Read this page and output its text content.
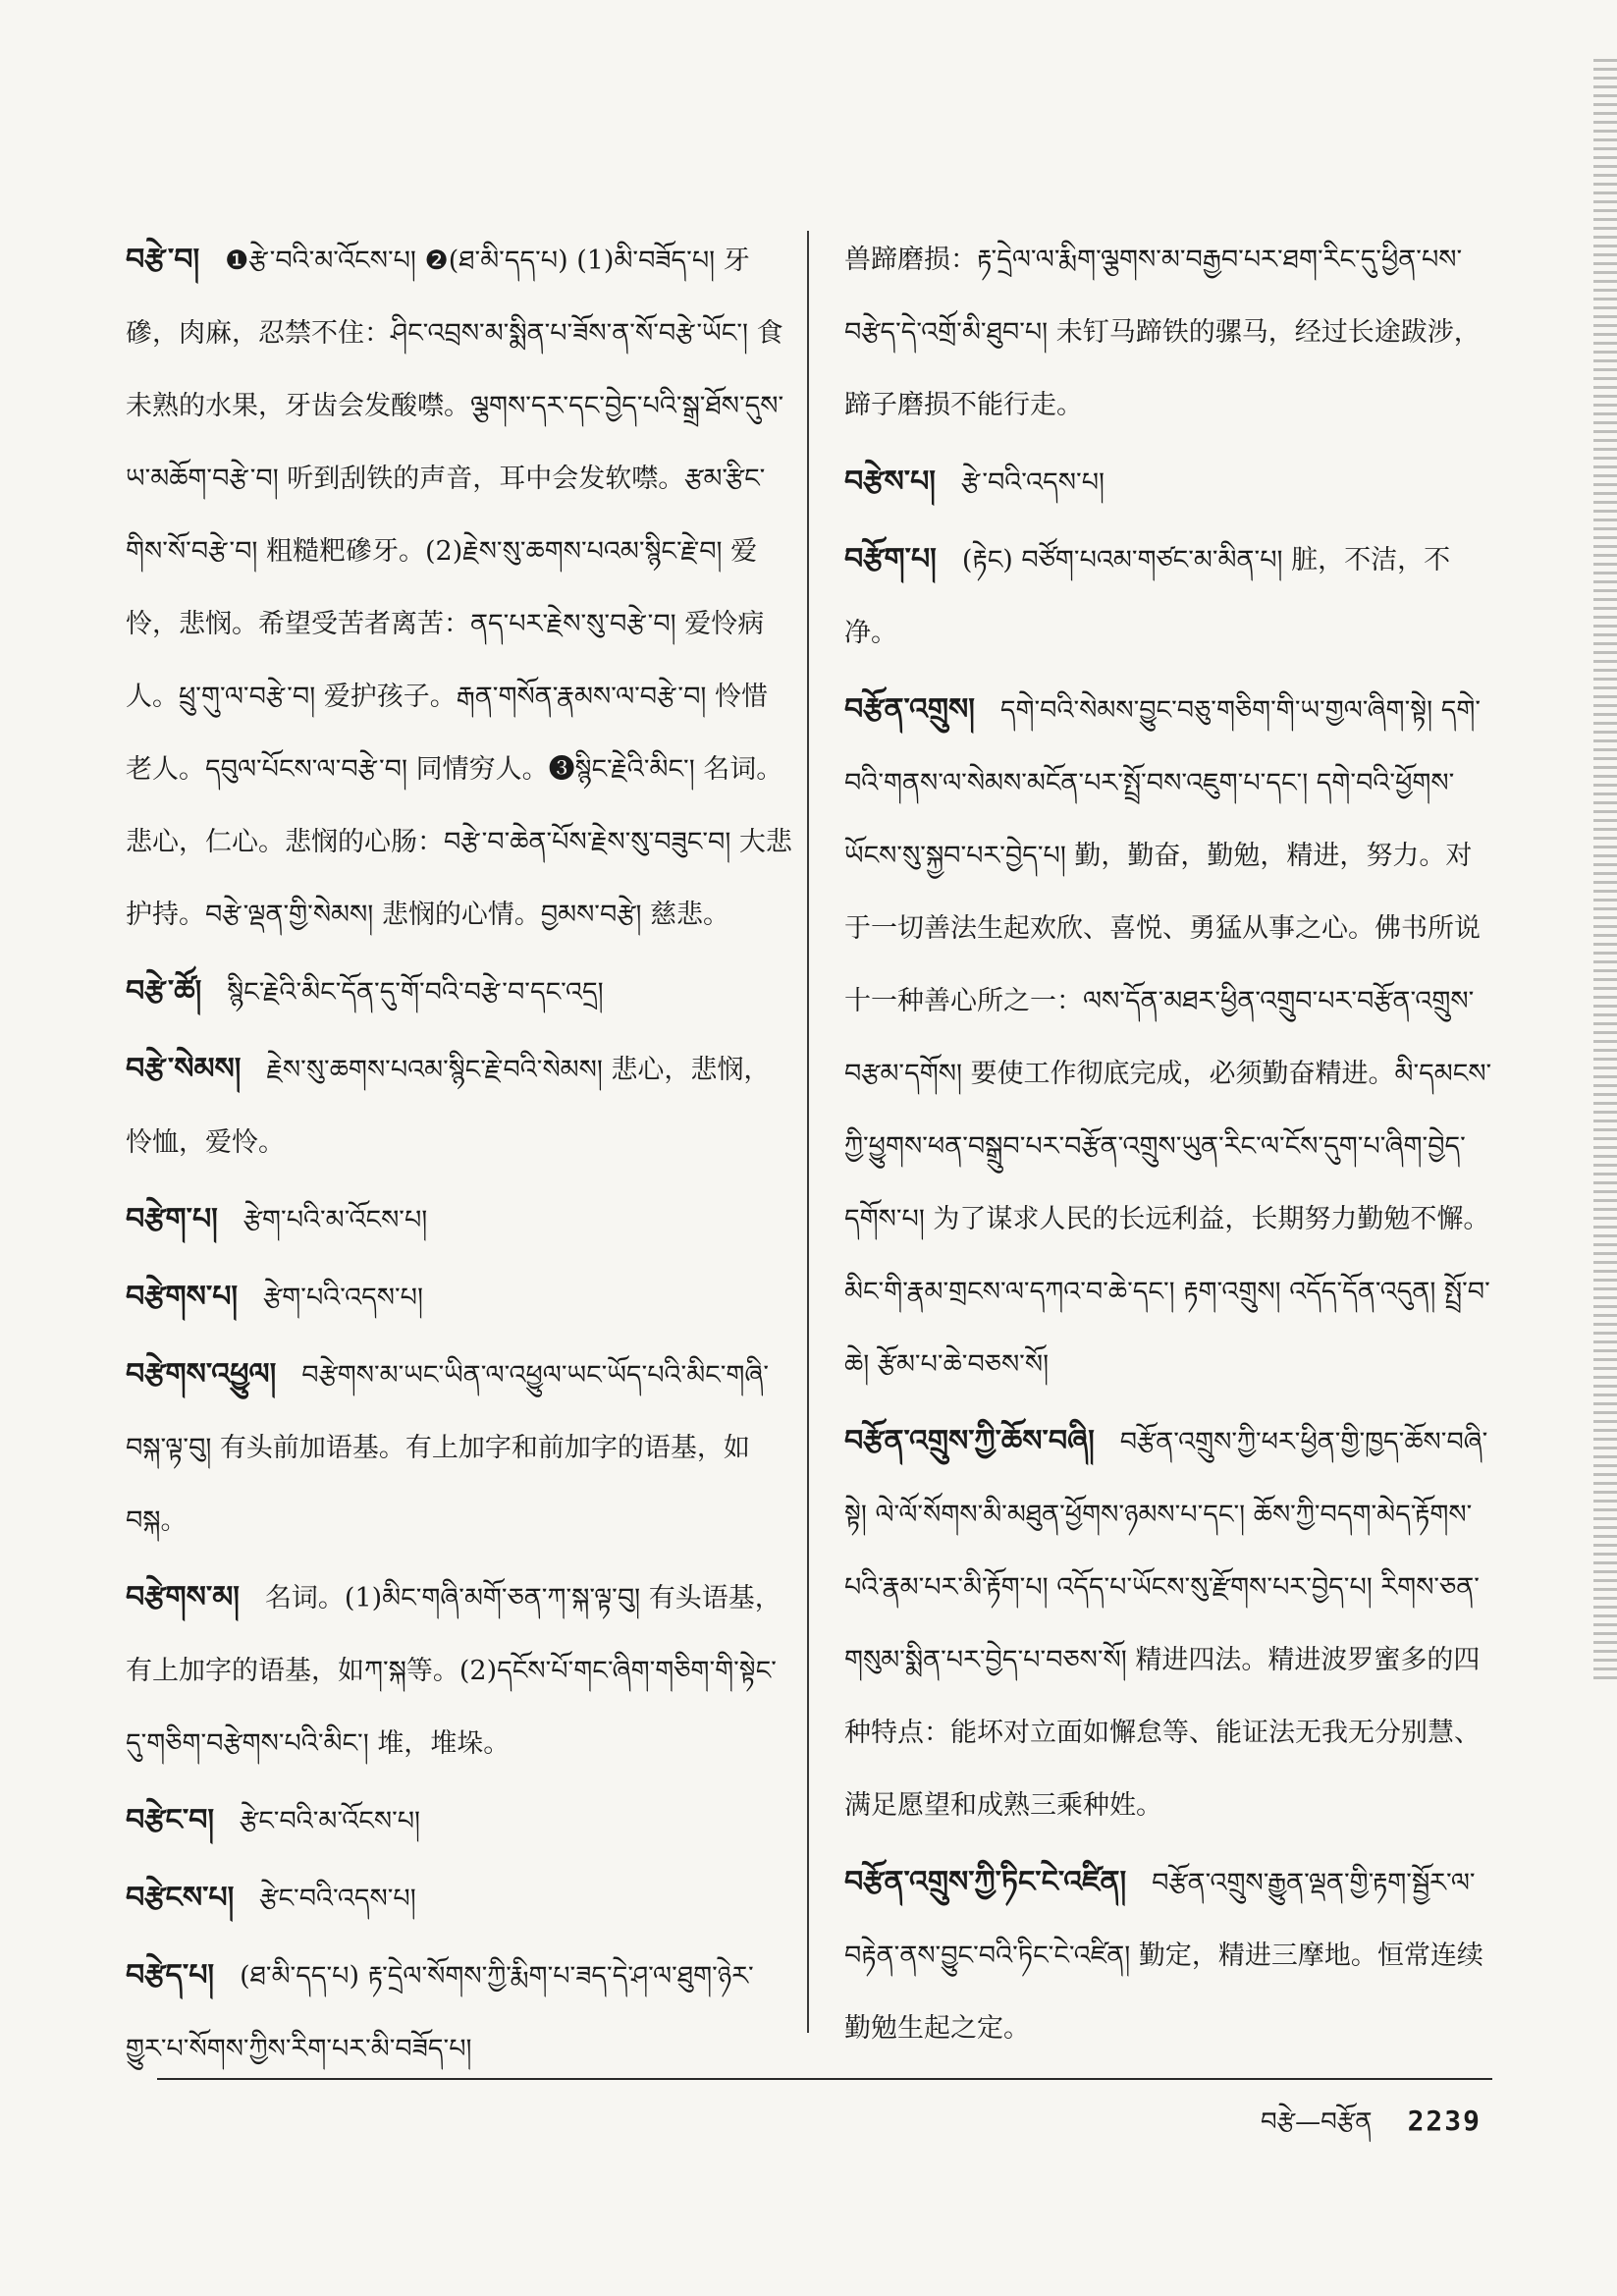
བརྩེ་བ། ❶རྩེ་བའི་མ་འོངས་པ། ❷(ཐ་མི་དད་པ) (1)མི་བཟོད་པ། 牙磣，肉麻，忍禁不住：ཤིང་འབྲས་མ་སྨིན་པ་ཟོས་ན་སོ་བརྩེ་ཡོང་། 食未熟的水果，牙齿会发酸噤。ལྕགས་དར་དང་བྱེད་པའི་སྒྲ་ཐོས་དུས་ཡ་མཆོག་བརྩེ་བ། 听到刮铁的声音，耳中会发软噤。རྩམ་རྩིང་གིས་སོ་བརྩེ་བ། 粗糙粑磣牙。(2)རྗེས་སུ་ཆགས་པའམ་སྙིང་རྗེ་བ། 爱怜，悲悯。希望受苦者离苦：ནད་པར་རྗེས་སུ་བརྩེ་བ། 爱怜病人。ཕྲུ་གུ་ལ་བརྩེ་བ། 爱护孩子。རྒན་གསོན་རྣམས་ལ་བརྩེ་བ། 怜惜老人。དབུལ་པོངས་ལ་བརྩེ་བ། 同情穷人。❸སྙིང་རྗེའི་མིང་། 名词。悲心，仁心。悲悯的心肠：བརྩེ་བ་ཆེན་པོས་རྗེས་སུ་བཟུང་བ། 大悲护持。བརྩེ་ལྡན་གྱི་སེམས། 悲悯的心情。བྱམས་བརྩེ། 慈悲。
བརྩེ་ཚོ། སྙིང་རྗེའི་མིང་དོན་དུ་གོ་བའི་བརྩེ་བ་དང་འདྲ།
བརྩེ་སེམས། རྗེས་སུ་ཆགས་པའམ་སྙིང་རྗེ་བའི་སེམས། 悲心，悲悯，怜恤，爱怜。
བརྩེག་པ། རྩེག་པའི་མ་འོངས་པ།
བརྩེགས་པ། རྩེག་པའི་འདས་པ།
བརྩེགས་འཕྱུལ། བརྩེགས་མ་ཡང་ཡིན་ལ་འཕྱུལ་ཡང་ཡོད་པའི་མིང་གཞི་བསྐ་ལྟ་བུ། 有头前加语基。有上加字和前加字的语基，如བསྐ。
བརྩེགས་མ། 名词。(1)མིང་གཞི་མགོ་ཅན་ཀ་སྐ་ལྟ་བུ། 有头语基，有上加字的语基，如ཀ་སྐ等。(2)དངོས་པོ་གང་ཞིག་གཅིག་གི་སྟེང་དུ་གཅིག་བརྩེགས་པའི་མིང་། 堆，堆垛。
བརྩེང་བ། རྩེང་བའི་མ་འོངས་པ།
བརྩེངས་པ། རྩེང་བའི་འདས་པ།
བརྩེད་པ། (ཐ་མི་དད་པ) རྟ་དྲེལ་སོགས་ཀྱི་རྨིག་པ་ཟད་དེ་ཤ་ལ་ཐུག་ཉེར་གྱུར་པ་སོགས་ཀྱིས་རིག་པར་མི་བཟོད་པ།
兽蹄磨损：རྟ་དྲེལ་ལ་རྨིག་ལྕགས་མ་བརྒྱབ་པར་ཐག་རིང་དུ་ཕྱིན་པས་བརྩེད་དེ་འགྲོ་མི་ཐུབ་པ། 未钉马蹄铁的骡马，经过长途跋涉，蹄子磨损不能行走。
བརྩེས་པ། རྩེ་བའི་འདས་པ།
བརྩོག་པ། (རྟེང) བཙོག་པའམ་གཙང་མ་མིན་པ། 脏，不洁，不净。
བརྩོན་འགྲུས། དགེ་བའི་སེམས་བྱུང་བཅུ་གཅིག་གི་ཡ་གྱལ་ཞིག་སྟེ། དགེ་བའི་གནས་ལ་སེམས་མངོན་པར་སྤྲོ་བས་འཇུག་པ་དང་། དགེ་བའི་ཕྱོགས་ཡོངས་སུ་སྐྱབ་པར་བྱེད་པ། 勤，勤奋，勤勉，精进，努力。对于一切善法生起欢欣、喜悦、勇猛从事之心。佛书所说十一种善心所之一：ལས་དོན་མཐར་ཕྱིན་འགྲུབ་པར་བརྩོན་འགྲུས་བརྩམ་དགོས། 要使工作彻底完成，必须勤奋精进。མི་དམངས་ཀྱི་ཕྱུགས་ཕན་བསྒྲུབ་པར་བརྩོན་འགྲུས་ཡུན་རིང་ལ་ངོས་དུག་པ་ཞིག་བྱེད་དགོས་པ། 为了谋求人民的长远利益，长期努力勤勉不懈。མིང་གི་རྣམ་གྲངས་ལ་དཀའ་བ་ཆེ་དང་། རྟག་འགྲུས། འདོད་དོན་འདུན། སྤྲོ་བ་ཆེ། རྩོམ་པ་ཆེ་བཅས་སོ།
བརྩོན་འགྲུས་ཀྱི་ཆོས་བཞི། བརྩོན་འགྲུས་ཀྱི་ཕར་ཕྱིན་གྱི་ཁྱད་ཆོས་བཞི་སྟེ། ལེ་ལོ་སོགས་མི་མཐུན་ཕྱོགས་ཉམས་པ་དང་། ཆོས་ཀྱི་བདག་མེད་རྟོགས་པའི་རྣམ་པར་མི་རྟོག་པ། འདོད་པ་ཡོངས་སུ་རྫོགས་པར་བྱེད་པ། རིགས་ཅན་གསུམ་སྨིན་པར་བྱེད་པ་བཅས་སོ། 精进四法。精进波罗蜜多的四种特点：能坏对立面如懈怠等、能证法无我无分别慧、满足愿望和成熟三乘种姓。
བརྩོན་འགྲུས་ཀྱི་ཏིང་ངེ་འཛིན། བརྩོན་འགྲུས་རྒྱུན་ལྡན་གྱི་རྟག་སྦྱོར་ལ་བརྟེན་ནས་བྱུང་བའི་ཏིང་ངེ་འཛིན། 勤定，精进三摩地。恒常连续勤勉生起之定。
བརྩེ—བརྩོན 2239
